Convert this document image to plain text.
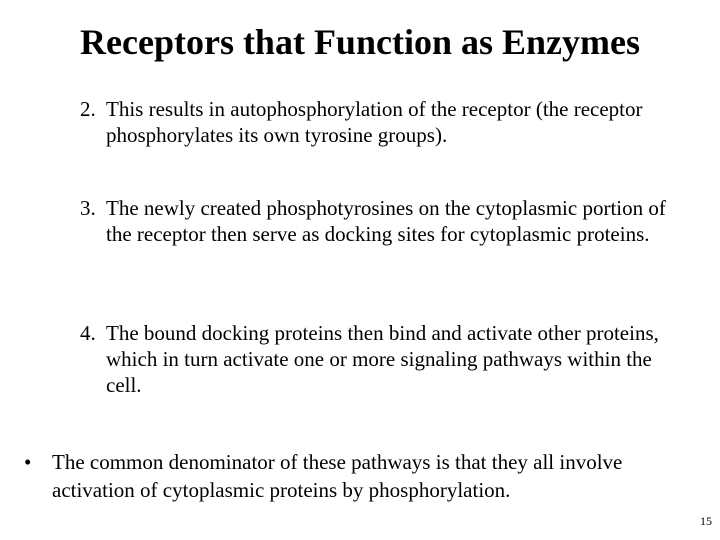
Receptors that Function as Enzymes
2. This results in autophosphorylation of the receptor (the receptor phosphorylates its own tyrosine groups).
3. The newly created phosphotyrosines on the cytoplasmic portion of the receptor then serve as docking sites for cytoplasmic proteins.
4. The bound docking proteins then bind and activate other proteins, which in turn activate one or more signaling pathways within the cell.
• The common denominator of these pathways is that they all involve activation of cytoplasmic proteins by phosphorylation.
15
